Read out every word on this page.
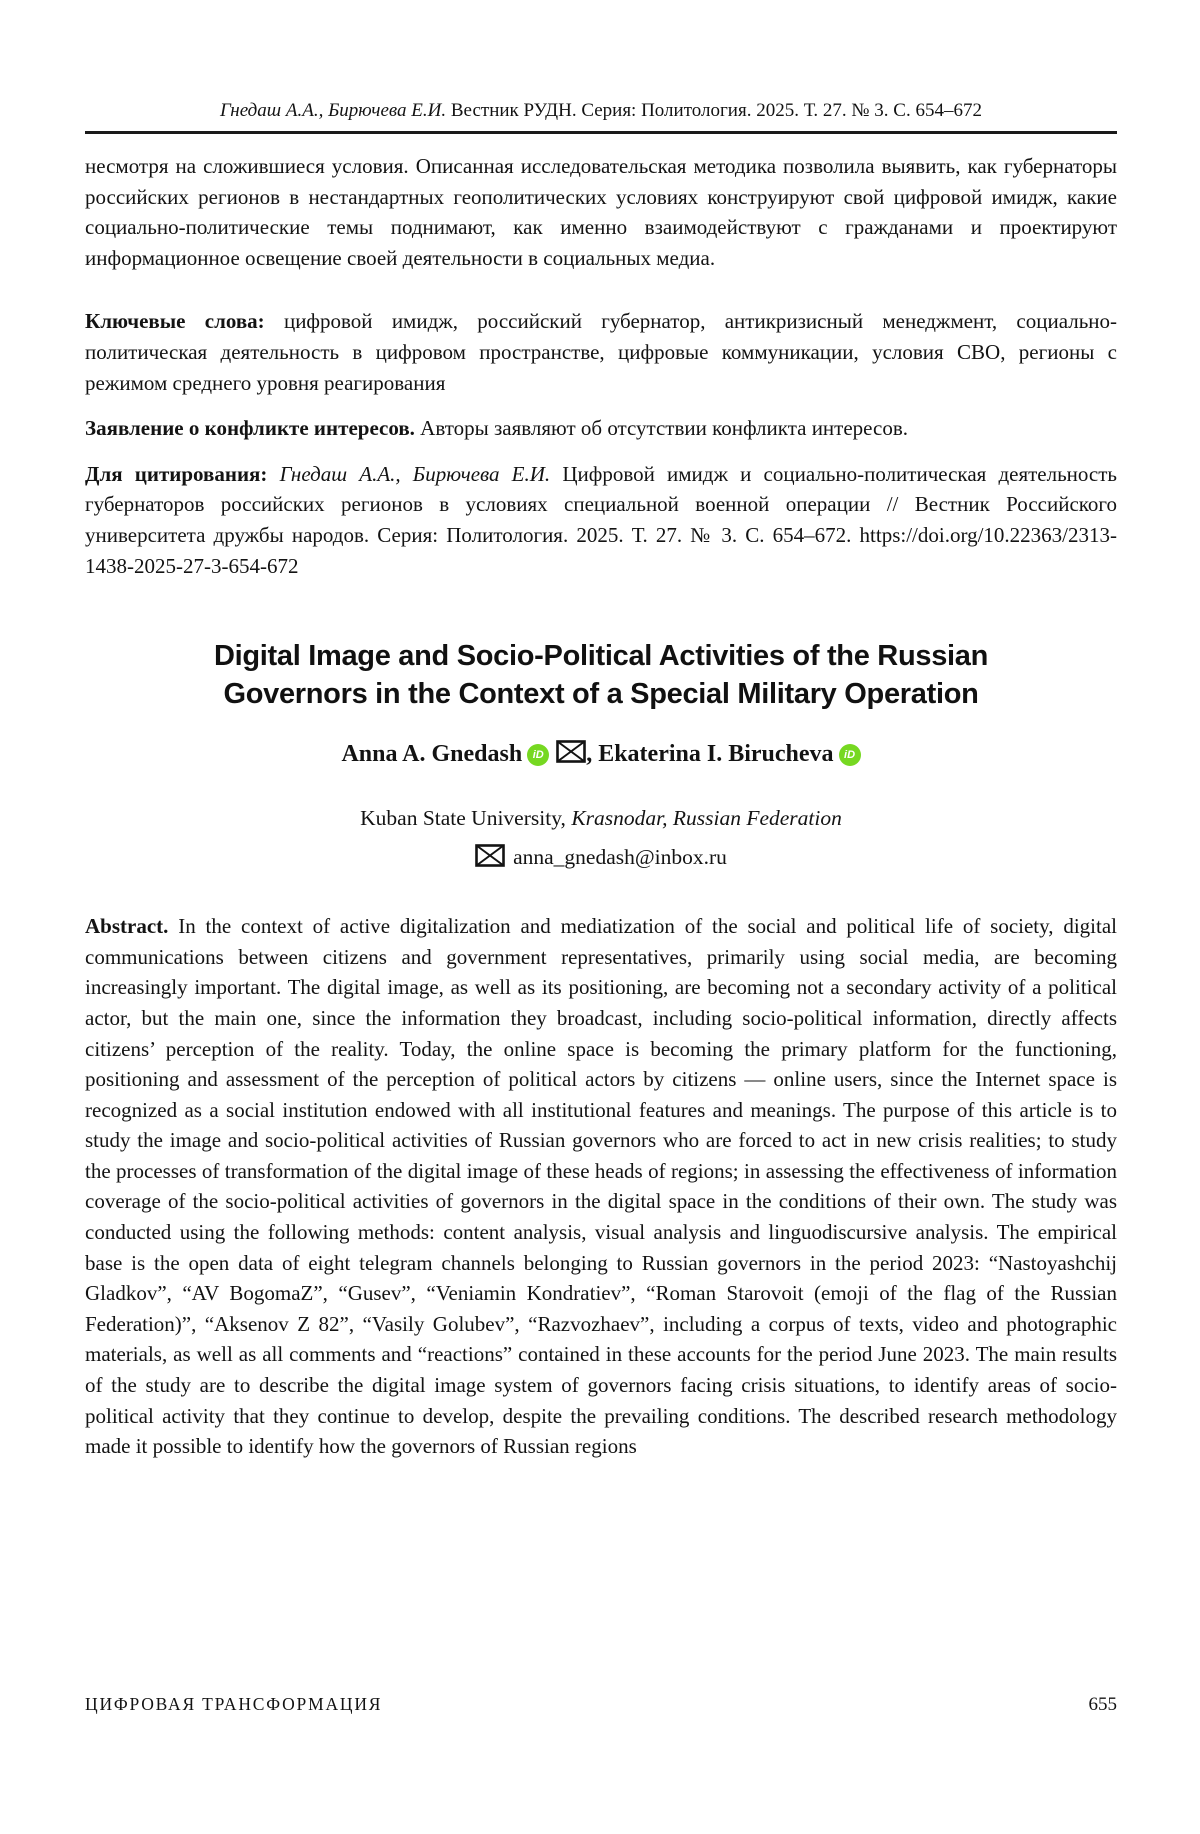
Гнедаш А.А., Бирючева Е.И. Вестник РУДН. Серия: Политология. 2025. Т. 27. № 3. С. 654–672

несмотря на сложившиеся условия. Описанная исследовательская методика позволила выявить, как губернаторы российских регионов в нестандартных геополитических условиях конструируют свой цифровой имидж, какие социально-политические темы поднимают, как именно взаимодействуют с гражданами и проектируют информационное освещение своей деятельности в социальных медиа.

Ключевые слова: цифровой имидж, российский губернатор, антикризисный менеджмент, социально-политическая деятельность в цифровом пространстве, цифровые коммуникации, условия СВО, регионы с режимом среднего уровня реагирования

Заявление о конфликте интересов. Авторы заявляют об отсутствии конфликта интересов.

Для цитирования: Гнедаш А.А., Бирючева Е.И. Цифровой имидж и социально-политическая деятельность губернаторов российских регионов в условиях специальной военной операции // Вестник Российского университета дружбы народов. Серия: Политология. 2025. Т. 27. № 3. С. 654–672. https://doi.org/10.22363/2313-1438-2025-27-3-654-672

Digital Image and Socio-Political Activities of the Russian Governors in the Context of a Special Military Operation
Anna A. Gnedash iD , Ekaterina I. Birucheva iD
Kuban State University, Krasnodar, Russian Federation
anna_gnedash@inbox.ru

Abstract. In the context of active digitalization and mediatization of the social and political life of society, digital communications between citizens and government representatives, primarily using social media, are becoming increasingly important. The digital image, as well as its positioning, are becoming not a secondary activity of a political actor, but the main one, since the information they broadcast, including socio-political information, directly affects citizens’ perception of the reality. Today, the online space is becoming the primary platform for the functioning, positioning and assessment of the perception of political actors by citizens — online users, since the Internet space is recognized as a social institution endowed with all institutional features and meanings. The purpose of this article is to study the image and socio-political activities of Russian governors who are forced to act in new crisis realities; to study the processes of transformation of the digital image of these heads of regions; in assessing the effectiveness of information coverage of the socio-political activities of governors in the digital space in the conditions of their own. The study was conducted using the following methods: content analysis, visual analysis and linguodiscursive analysis. The empirical base is the open data of eight telegram channels belonging to Russian governors in the period 2023: “Nastoyashchij Gladkov”, “AV BogomaZ”, “Gusev”, “Veniamin Kondratiev”, “Roman Starovoit (emoji of the flag of the Russian Federation)”, “Aksenov Z 82”, “Vasily Golubev”, “Razvozhaev”, including a corpus of texts, video and photographic materials, as well as all comments and “reactions” contained in these accounts for the period June 2023. The main results of the study are to describe the digital image system of governors facing crisis situations, to identify areas of socio-political activity that they continue to develop, despite the prevailing conditions. The described research methodology made it possible to identify how the governors of Russian regions

ЦИФРОВАЯ ТРАНСФОРМАЦИЯ	655
